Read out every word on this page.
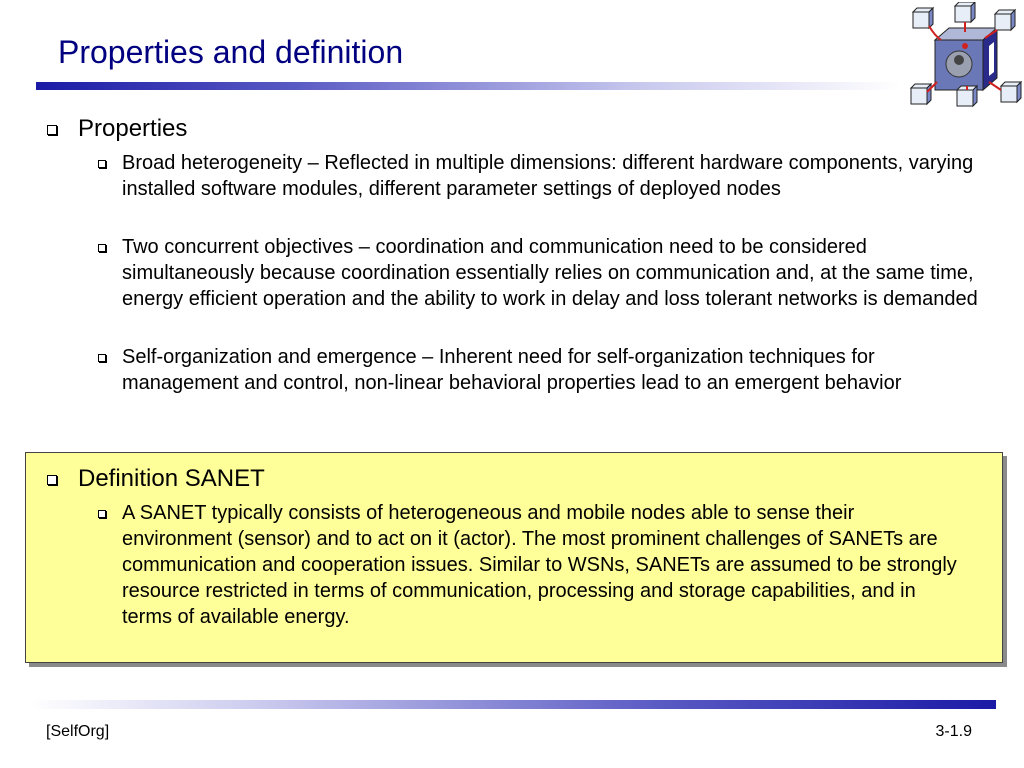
Properties and definition
Properties
Broad heterogeneity – Reflected in multiple dimensions: different hardware components, varying installed software modules, different parameter settings of deployed nodes
Two concurrent objectives – coordination and communication need to be considered simultaneously because coordination essentially relies on communication and, at the same time, energy efficient operation and the ability to work in delay and loss tolerant networks is demanded
Self-organization and emergence – Inherent need for self-organization techniques for management and control, non-linear behavioral properties lead to an emergent behavior
Definition SANET
A SANET typically consists of heterogeneous and mobile nodes able to sense their environment (sensor) and to act on it (actor). The most prominent challenges of SANETs are communication and cooperation issues. Similar to WSNs, SANETs are assumed to be strongly resource restricted in terms of communication, processing and storage capabilities, and in terms of available energy.
[SelfOrg]	3-1.9
